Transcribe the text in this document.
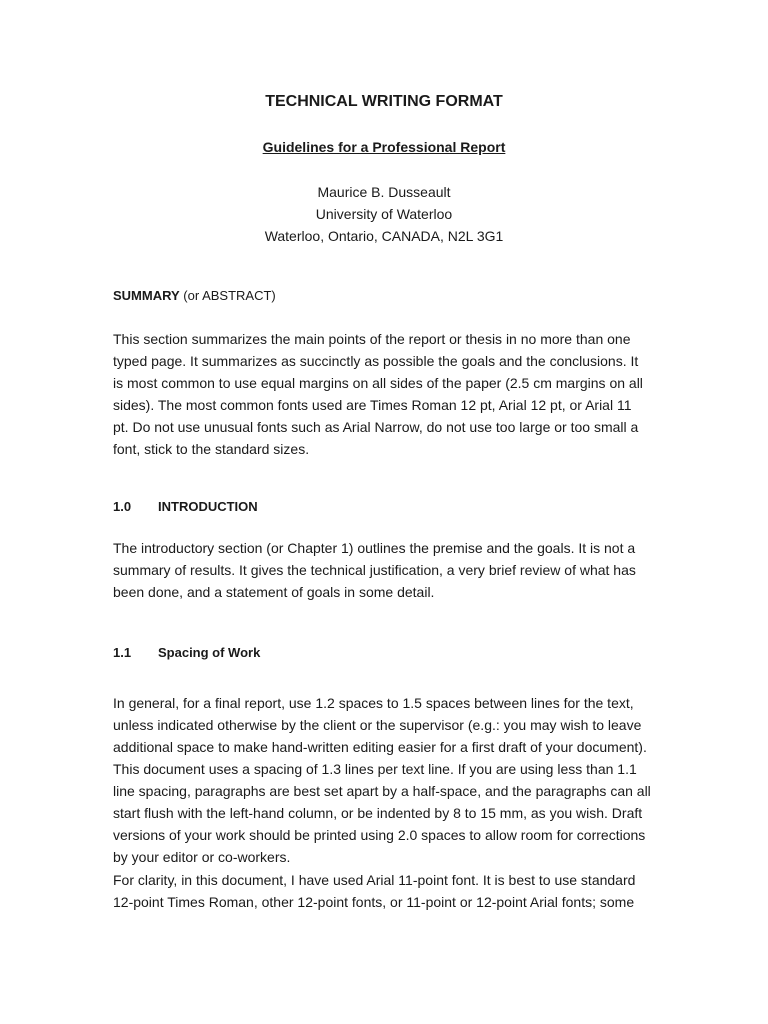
TECHNICAL WRITING FORMAT
Guidelines for a Professional Report
Maurice B. Dusseault
University of Waterloo
Waterloo, Ontario, CANADA, N2L 3G1
SUMMARY (or ABSTRACT)
This section summarizes the main points of the report or thesis in no more than one
typed page. It summarizes as succinctly as possible the goals and the conclusions. It
is most common to use equal margins on all sides of the paper (2.5 cm margins on all
sides). The most common fonts used are Times Roman 12 pt, Arial 12 pt, or Arial 11
pt. Do not use unusual fonts such as Arial Narrow, do not use too large or too small a
font, stick to the standard sizes.
1.0 INTRODUCTION
The introductory section (or Chapter 1) outlines the premise and the goals. It is not a
summary of results. It gives the technical justification, a very brief review of what has
been done, and a statement of goals in some detail.
1.1 Spacing of Work
In general, for a final report, use 1.2 spaces to 1.5 spaces between lines for the text,
unless indicated otherwise by the client or the supervisor (e.g.: you may wish to leave
additional space to make hand-written editing easier for a first draft of your document).
This document uses a spacing of 1.3 lines per text line. If you are using less than 1.1
line spacing, paragraphs are best set apart by a half-space, and the paragraphs can all
start flush with the left-hand column, or be indented by 8 to 15 mm, as you wish. Draft
versions of your work should be printed using 2.0 spaces to allow room for corrections
by your editor or co-workers.
For clarity, in this document, I have used Arial 11-point font. It is best to use standard
12-point Times Roman, other 12-point fonts, or 11-point or 12-point Arial fonts; some
